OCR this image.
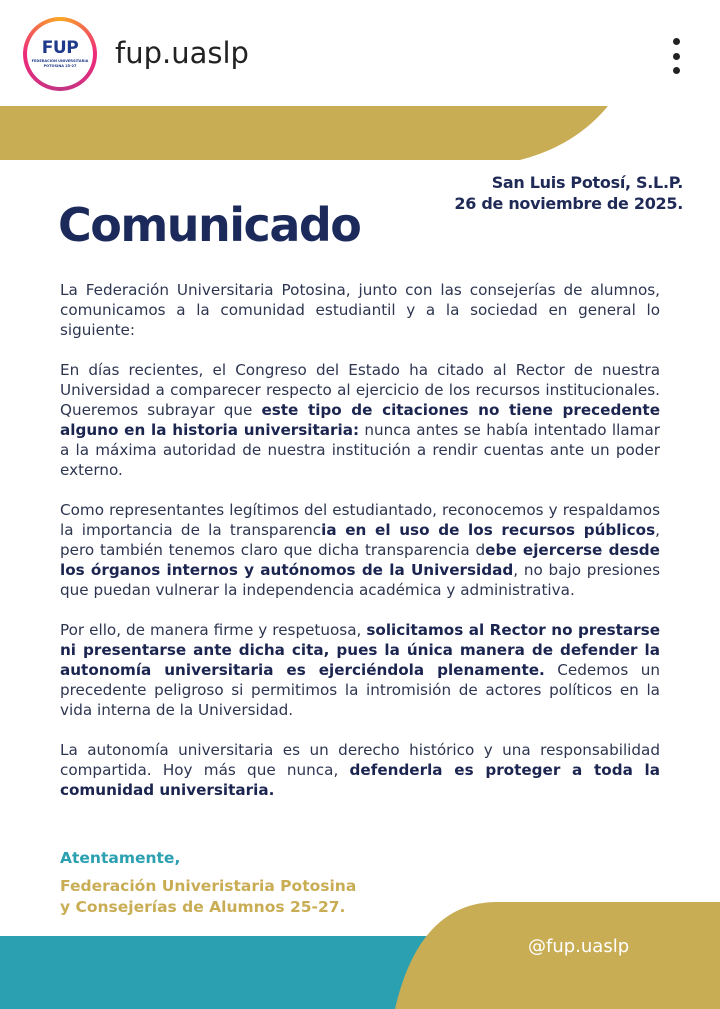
FUP
FEDERACIÓN UNIVERSITARIA POTOSINA 25-27	fup.uaslp
San Luis Potosí, S.L.P.
26 de noviembre de 2025.
Comunicado

La Federación Universitaria Potosina, junto con las consejerías de alumnos, comunicamos a la comunidad estudiantil y a la sociedad en general lo siguiente:

En días recientes, el Congreso del Estado ha citado al Rector de nuestra Universidad a comparecer respecto al ejercicio de los recursos institucionales. Queremos subrayar que este tipo de citaciones no tiene precedente alguno en la historia universitaria: nunca antes se había intentado llamar a la máxima autoridad de nuestra institución a rendir cuentas ante un poder externo.

Como representantes legítimos del estudiantado, reconocemos y respaldamos la importancia de la transparencia en el uso de los recursos públicos, pero también tenemos claro que dicha transparencia debe ejercerse desde los órganos internos y autónomos de la Universidad, no bajo presiones que puedan vulnerar la independencia académica y administrativa.

Por ello, de manera firme y respetuosa, solicitamos al Rector no prestarse ni presentarse ante dicha cita, pues la única manera de defender la autonomía universitaria es ejerciéndola plenamente. Cedemos un precedente peligroso si permitimos la intromisión de actores políticos en la vida interna de la Universidad.

La autonomía universitaria es un derecho histórico y una responsabilidad compartida. Hoy más que nunca, defenderla es proteger a toda la comunidad universitaria.

Atentamente,
Federación Univeristaria Potosina
y Consejerías de Alumnos 25-27.
@fup.uaslp
